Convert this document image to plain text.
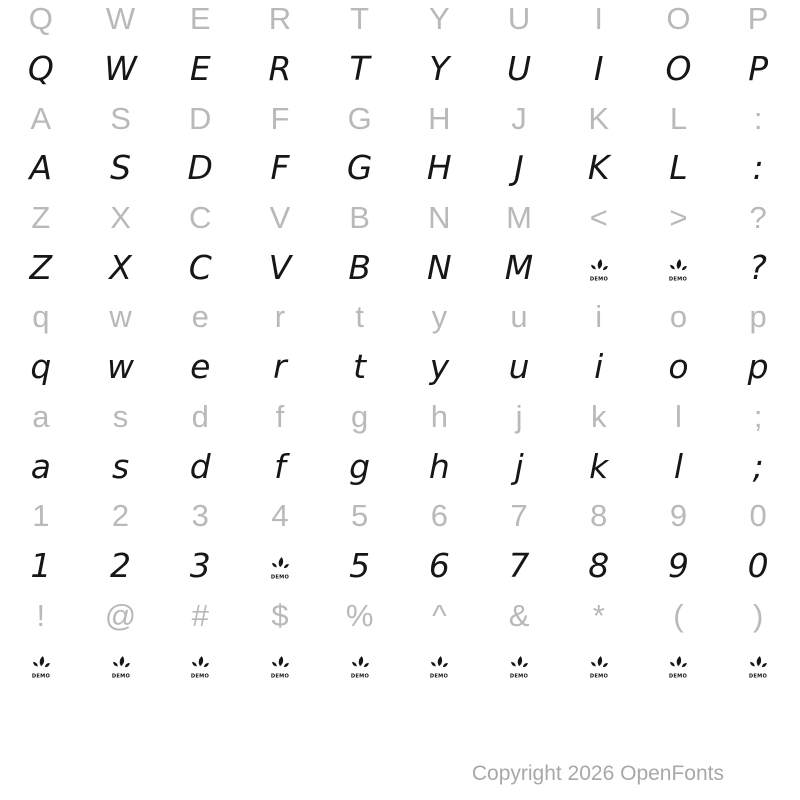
Q	W	E	R	T	Y	U	I	O	P
Q	W	E	R	T	Y	U	I	O	P
A	S	D	F	G	H	J	K	L	:
A	S	D	F	G	H	J	K	L	:
Z	X	C	V	B	N	M	<	>	?
Z	X	C	V	B	N	M	DEMO	DEMO	?
q	w	e	r	t	y	u	i	o	p
q	w	e	r	t	y	u	i	o	p
a	s	d	f	g	h	j	k	l	;
a	s	d	f	g	h	j	k	l	;
1	2	3	4	5	6	7	8	9	0
1	2	3	DEMO	5	6	7	8	9	0
!	@	#	$	%	^	&	*	(	)
DEMO	DEMO	DEMO	DEMO	DEMO	DEMO	DEMO	DEMO	DEMO	DEMO
Copyright 2026 OpenFonts
